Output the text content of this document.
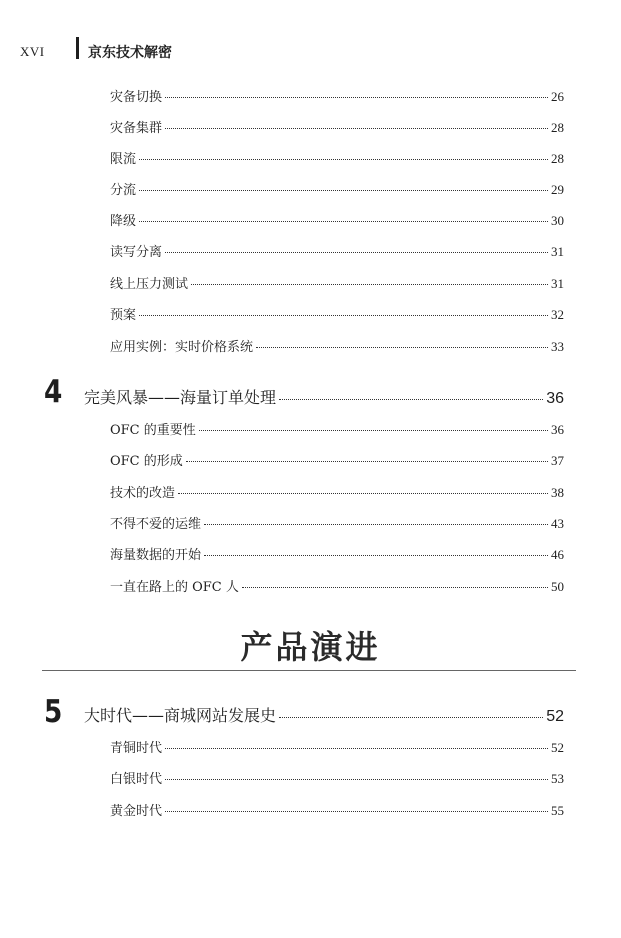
XVI	京东技术解密
灾备切换	26
灾备集群	28
限流	28
分流	29
降级	30
读写分离	31
线上压力测试	31
预案	32
应用实例：实时价格系统	33
4 完美风暴——海量订单处理	36
OFC 的重要性	36
OFC 的形成	37
技术的改造	38
不得不爱的运维	43
海量数据的开始	46
一直在路上的 OFC 人	50
产品演进
5 大时代——商城网站发展史	52
青铜时代	52
白银时代	53
黄金时代	55
